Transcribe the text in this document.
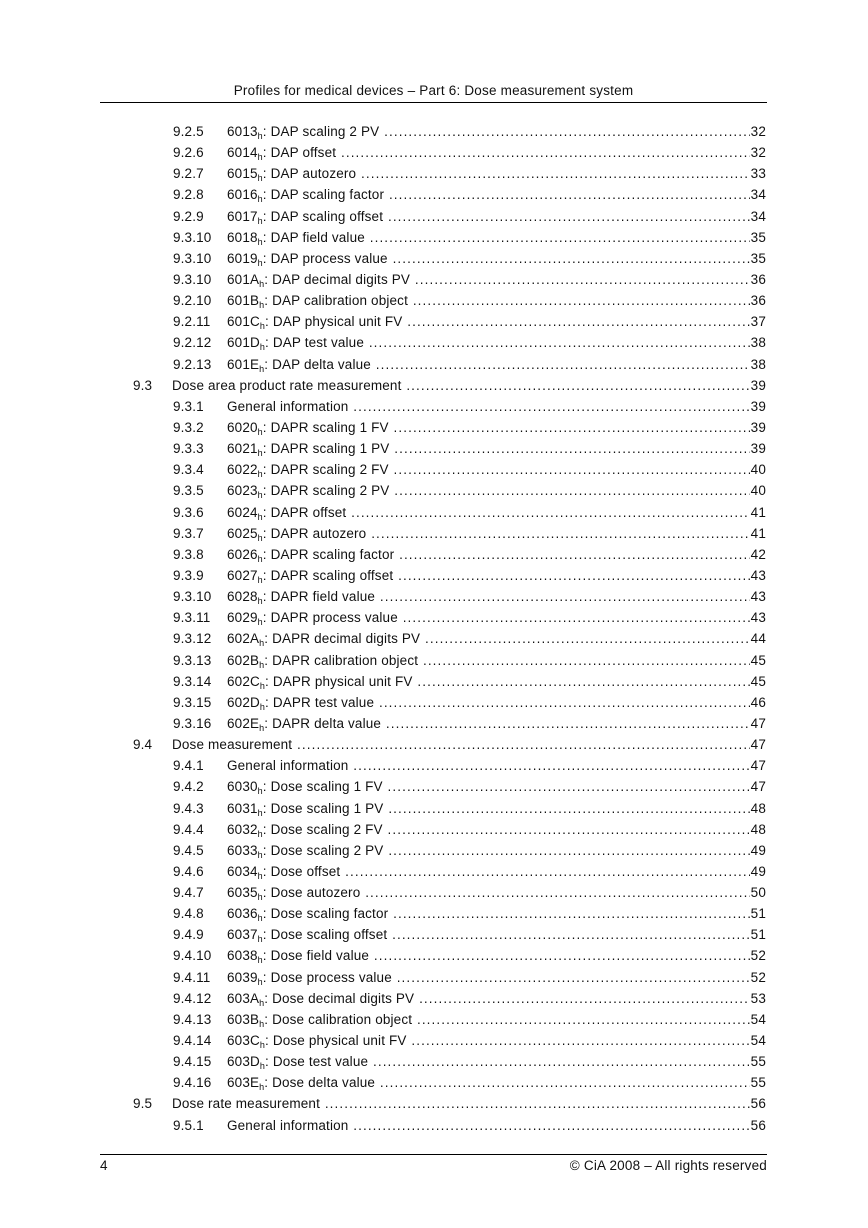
Profiles for medical devices – Part 6: Dose measurement system
9.2.5 $6013_h$: DAP scaling 2 PV .....	32
9.2.6 $6014_h$: DAP offset .....	32
9.2.7 $6015_h$: DAP autozero .....	33
9.2.8 $6016_h$: DAP scaling factor .....	34
9.2.9 $6017_h$: DAP scaling offset .....	34
9.3.10 $6018_h$: DAP field value .....	35
9.3.10 $6019_h$: DAP process value .....	35
9.3.10 $601A_h$: DAP decimal digits PV .....	36
9.2.10 $601B_h$: DAP calibration object .....	36
9.2.11 $601C_h$: DAP physical unit FV .....	37
9.2.12 $601D_h$: DAP test value .....	38
9.2.13 $601E_h$: DAP delta value .....	38
9.3 Dose area product rate measurement .....	39
9.3.1 General information .....	39
9.3.2 $6020_h$: DAPR scaling 1 FV .....	39
9.3.3 $6021_h$: DAPR scaling 1 PV .....	39
9.3.4 $6022_h$: DAPR scaling 2 FV .....	40
9.3.5 $6023_h$: DAPR scaling 2 PV .....	40
9.3.6 $6024_h$: DAPR offset .....	41
9.3.7 $6025_h$: DAPR autozero .....	41
9.3.8 $6026_h$: DAPR scaling factor .....	42
9.3.9 $6027_h$: DAPR scaling offset .....	43
9.3.10 $6028_h$: DAPR field value .....	43
9.3.11 $6029_h$: DAPR process value .....	43
9.3.12 $602A_h$: DAPR decimal digits PV .....	44
9.3.13 $602B_h$: DAPR calibration object .....	45
9.3.14 $602C_h$: DAPR physical unit FV .....	45
9.3.15 $602D_h$: DAPR test value .....	46
9.3.16 $602E_h$: DAPR delta value .....	47
9.4 Dose measurement .....	47
9.4.1 General information .....	47
9.4.2 $6030_h$: Dose scaling 1 FV .....	47
9.4.3 $6031_h$: Dose scaling 1 PV .....	48
9.4.4 $6032_h$: Dose scaling 2 FV .....	48
9.4.5 $6033_h$: Dose scaling 2 PV .....	49
9.4.6 $6034_h$: Dose offset .....	49
9.4.7 $6035_h$: Dose autozero .....	50
9.4.8 $6036_h$: Dose scaling factor .....	51
9.4.9 $6037_h$: Dose scaling offset .....	51
9.4.10 $6038_h$: Dose field value .....	52
9.4.11 $6039_h$: Dose process value .....	52
9.4.12 $603A_h$: Dose decimal digits PV .....	53
9.4.13 $603B_h$: Dose calibration object .....	54
9.4.14 $603C_h$: Dose physical unit FV .....	54
9.4.15 $603D_h$: Dose test value .....	55
9.4.16 $603E_h$: Dose delta value .....	55
9.5 Dose rate measurement .....	56
9.5.1 General information .....	56
4	© CiA 2008 – All rights reserved
